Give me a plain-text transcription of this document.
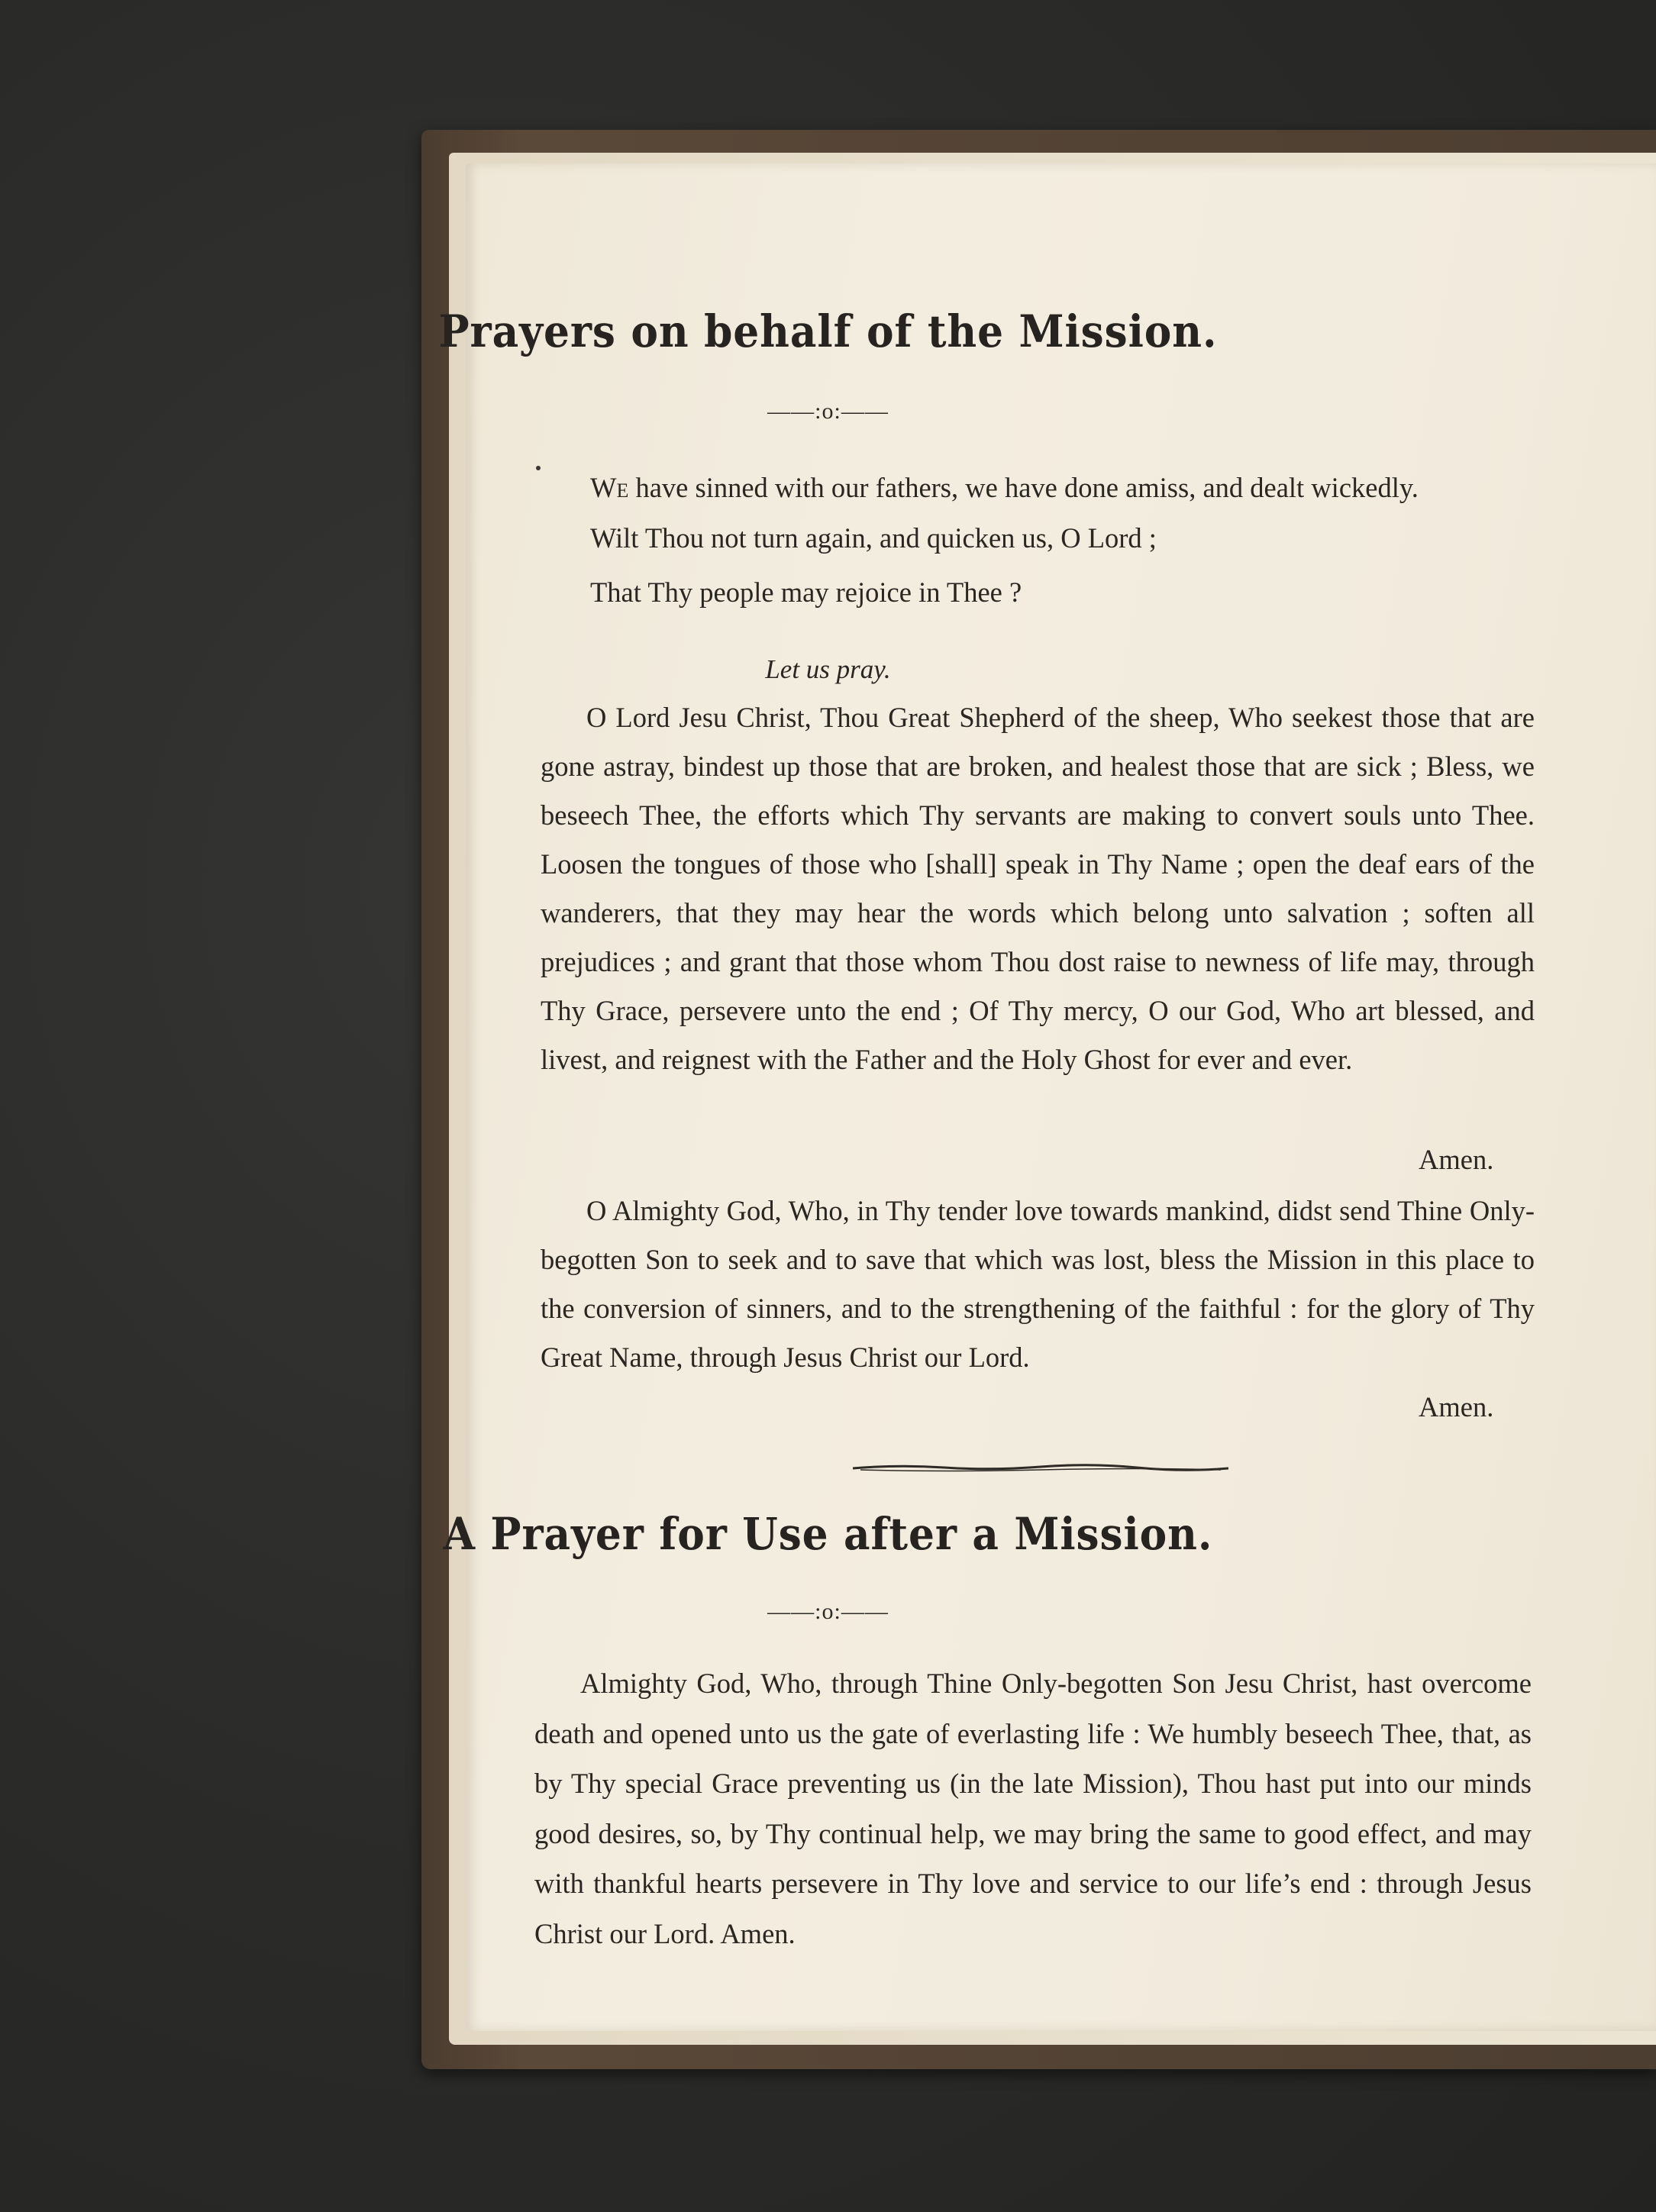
Prayers on behalf of the Mission.
——:o:——
We have sinned with our fathers, we have done amiss, and dealt wickedly.
Wilt Thou not turn again, and quicken us, O Lord ;
That Thy people may rejoice in Thee ?
Let us pray.

O Lord Jesu Christ, Thou Great Shepherd of the sheep, Who seekest those that are gone astray, bindest up those that are broken, and healest those that are sick ; Bless, we beseech Thee, the efforts which Thy servants are making to convert souls unto Thee. Loosen the tongues of those who [shall] speak in Thy Name ; open the deaf ears of the wanderers, that they may hear the words which belong unto salvation ; soften all prejudices ; and grant that those whom Thou dost raise to newness of life may, through Thy Grace, persevere unto the end ; Of Thy mercy, O our God, Who art blessed, and livest, and reignest with the Father and the Holy Ghost for ever and ever.

Amen.

O Almighty God, Who, in Thy tender love towards mankind, didst send Thine Only-begotten Son to seek and to save that which was lost, bless the Mission in this place to the conversion of sinners, and to the strengthening of the faithful : for the glory of Thy Great Name, through Jesus Christ our Lord.

Amen.
A Prayer for Use after a Mission.
——:o:——

Almighty God, Who, through Thine Only-begotten Son Jesu Christ, hast overcome death and opened unto us the gate of everlasting life : We humbly beseech Thee, that, as by Thy special Grace preventing us (in the late Mission), Thou hast put into our minds good desires, so, by Thy continual help, we may bring the same to good effect, and may with thankful hearts persevere in Thy love and service to our life’s end : through Jesus Christ our Lord. Amen.
